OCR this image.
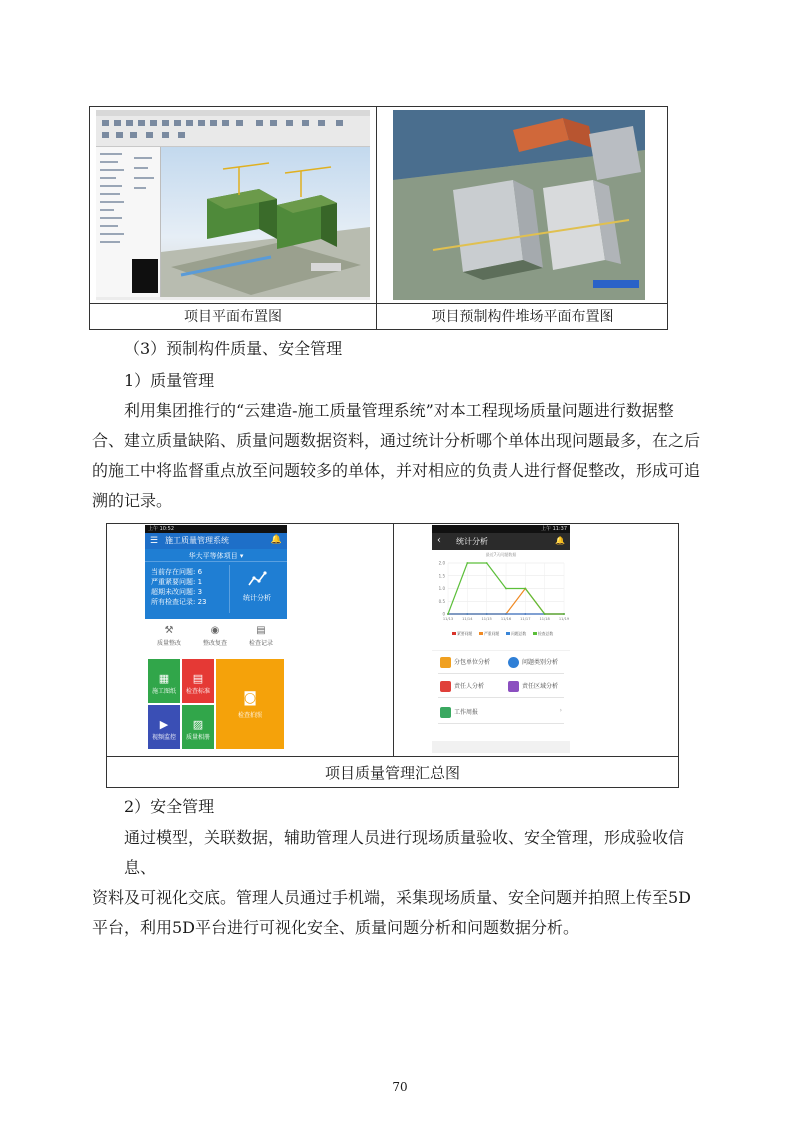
项目平面布置图	项目预制构件堆场平面布置图
（3）预制构件质量、安全管理
1）质量管理
利用集团推行的“云建造-施工质量管理系统”对本工程现场质量问题进行数据整
合、建立质量缺陷、质量问题数据资料，通过统计分析哪个单体出现问题最多，在之后
的施工中将监督重点放至问题较多的单体，并对相应的负责人进行督促整改，形成可追
溯的记录。
上午 10:52
☰ 施工质量管理系统	🔔
华大平等体项目 ▾
当前存在问题: 6
严重紧要问题: 1
超期未改问题: 3
所有检查记录: 23	统计分析
⚒
质量整改
◉
整改复查
▤
检查记录
▦
施工图纸
▤
检查标准
▶
视频监控
▨
质量相册
◙
检查拍照
上午 11:37
‹ 统计分析	🔔
最近7天问题数据
2.0
1.5
1.0
0.5
0
11/13 11/14 11/15 11/16 11/17 11/18 11/19
紧要问题	严重问题	问题总数	检查总数
分包单位分析	问题类别分析
责任人分析	责任区域分析
工作周报	›
项目质量管理汇总图
2）安全管理
通过模型，关联数据，辅助管理人员进行现场质量验收、安全管理，形成验收信息、
资料及可视化交底。管理人员通过手机端，采集现场质量、安全问题并拍照上传至5D
平台，利用5D平台进行可视化安全、质量问题分析和问题数据分析。
70
